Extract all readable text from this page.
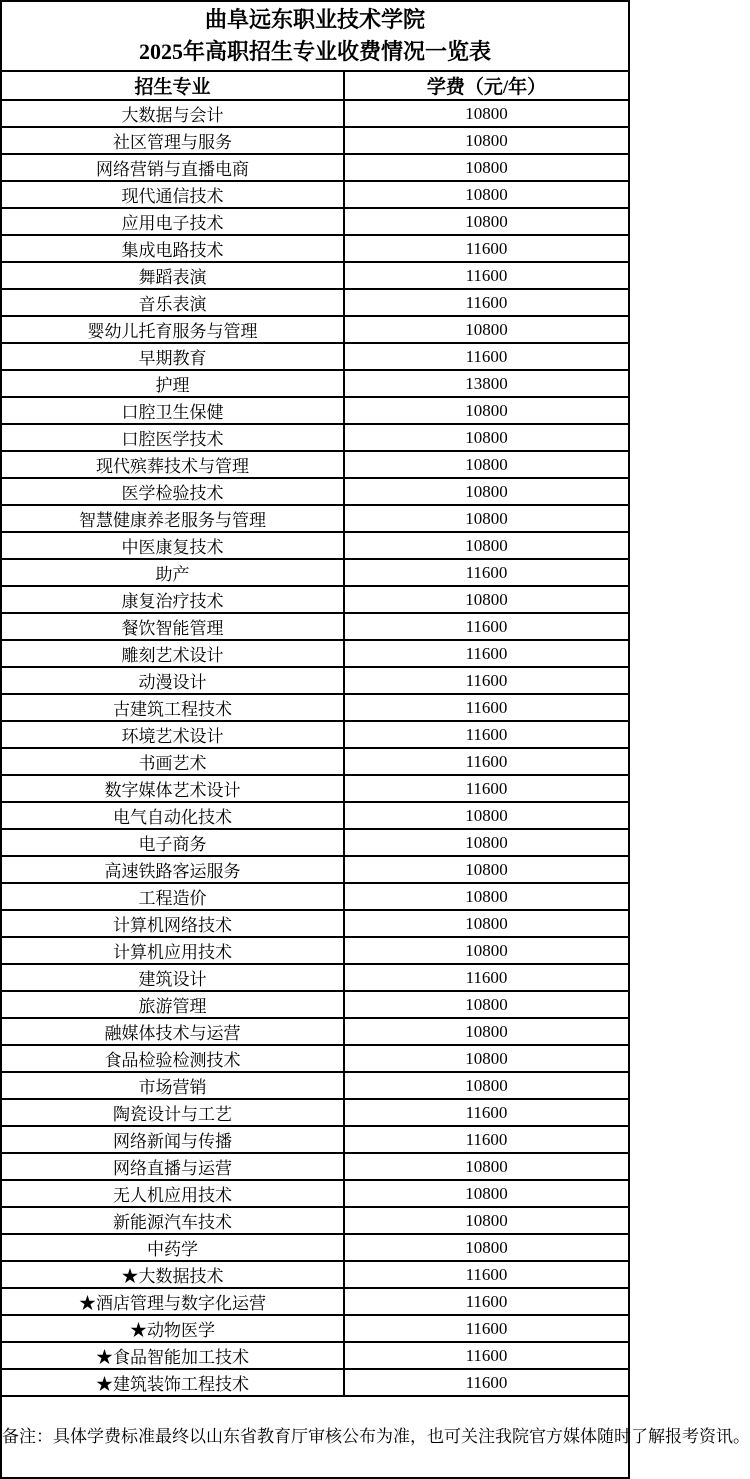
曲阜远东职业技术学院
2025年高职招生专业收费情况一览表	

招生专业	学费（元/年）
大数据与会计	10800
社区管理与服务	10800
网络营销与直播电商	10800
现代通信技术	10800
应用电子技术	10800
集成电路技术	11600
舞蹈表演	11600
音乐表演	11600
婴幼儿托育服务与管理	10800
早期教育	11600
护理	13800
口腔卫生保健	10800
口腔医学技术	10800
现代殡葬技术与管理	10800
医学检验技术	10800
智慧健康养老服务与管理	10800
中医康复技术	10800
助产	11600
康复治疗技术	10800
餐饮智能管理	11600
雕刻艺术设计	11600
动漫设计	11600
古建筑工程技术	11600
环境艺术设计	11600
书画艺术	11600
数字媒体艺术设计	11600
电气自动化技术	10800
电子商务	10800
高速铁路客运服务	10800
工程造价	10800
计算机网络技术	10800
计算机应用技术	10800
建筑设计	11600
旅游管理	10800
融媒体技术与运营	10800
食品检验检测技术	10800
市场营销	10800
陶瓷设计与工艺	11600
网络新闻与传播	11600
网络直播与运营	10800
无人机应用技术	10800
新能源汽车技术	10800
中药学	10800
★大数据技术	11600
★酒店管理与数字化运营	11600
★动物医学	11600
★食品智能加工技术	11600
★建筑装饰工程技术	11600
备注：具体学费标准最终以山东省教育厅审核公布为准，也可关注我院官方媒体随时了解报考资讯。	
